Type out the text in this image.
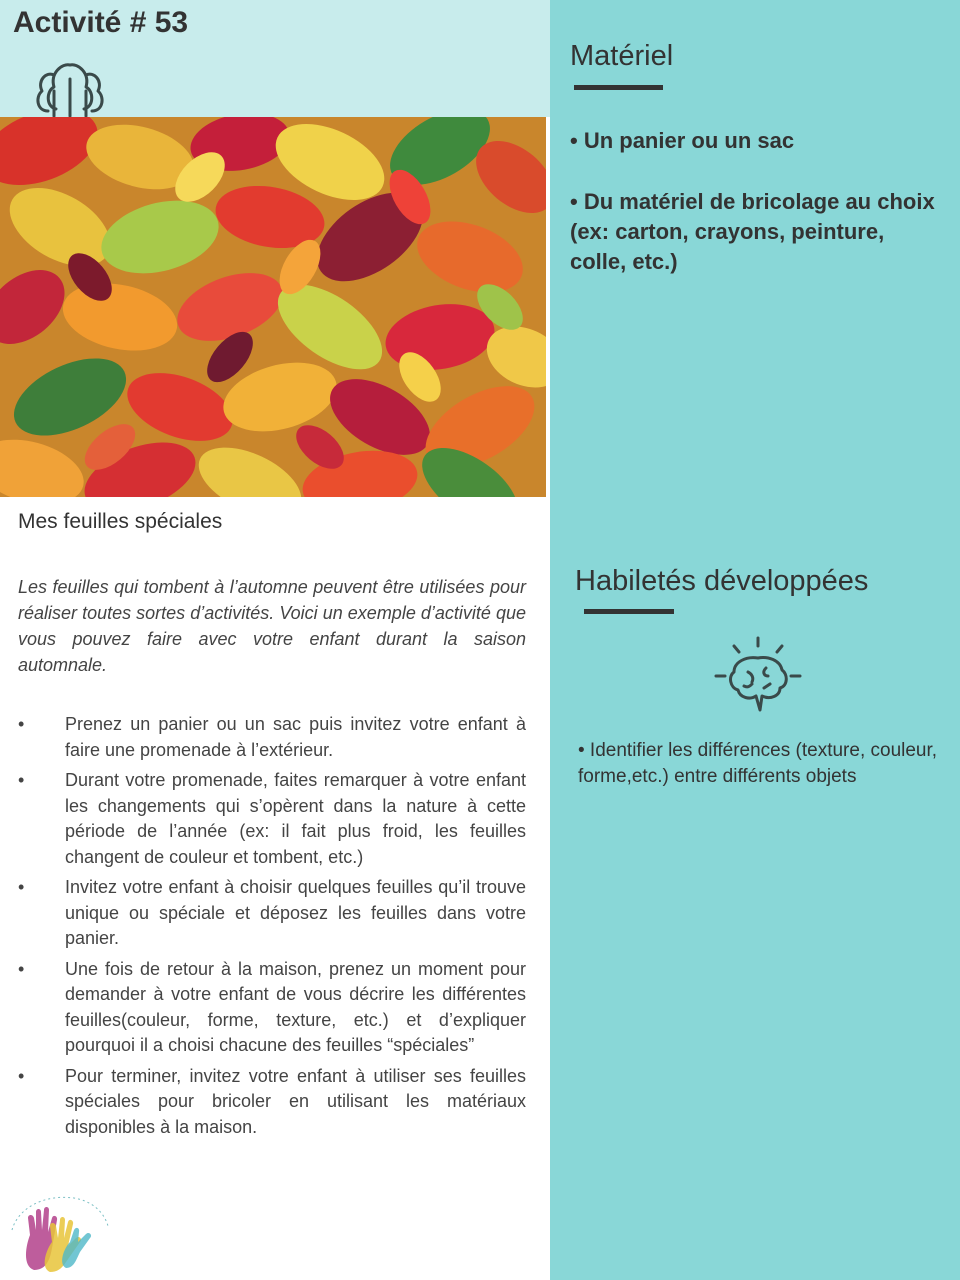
Activité # 53
Mes feuilles spéciales

Les feuilles qui tombent à l’automne peuvent être utilisées pour réaliser toutes sortes d’activités. Voici un exemple d’activité que vous pouvez faire avec votre enfant durant la saison automnale.

• Prenez un panier ou un sac puis invitez votre enfant à faire une promenade à l’extérieur.
• Durant votre promenade, faites remarquer à votre enfant les changements qui s’opèrent dans la nature à cette période de l’année (ex: il fait plus froid, les feuilles changent de couleur et tombent, etc.)
• Invitez votre enfant à choisir quelques feuilles qu’il trouve unique ou spéciale et déposez les feuilles dans votre panier.
• Une fois de retour à la maison, prenez un moment pour demander à votre enfant de vous décrire les différentes feuilles(couleur, forme, texture, etc.) et d’expliquer pourquoi il a choisi chacune des feuilles “spéciales”
• Pour terminer, invitez votre enfant à utiliser ses feuilles spéciales pour bricoler en utilisant les matériaux disponibles à la maison.
Matériel

• Un panier ou un sac

• Du matériel de bricolage au choix (ex: carton, crayons, peinture, colle, etc.)

Habiletés développées
• Identifier les différences (texture, couleur, forme,etc.) entre différents objets
